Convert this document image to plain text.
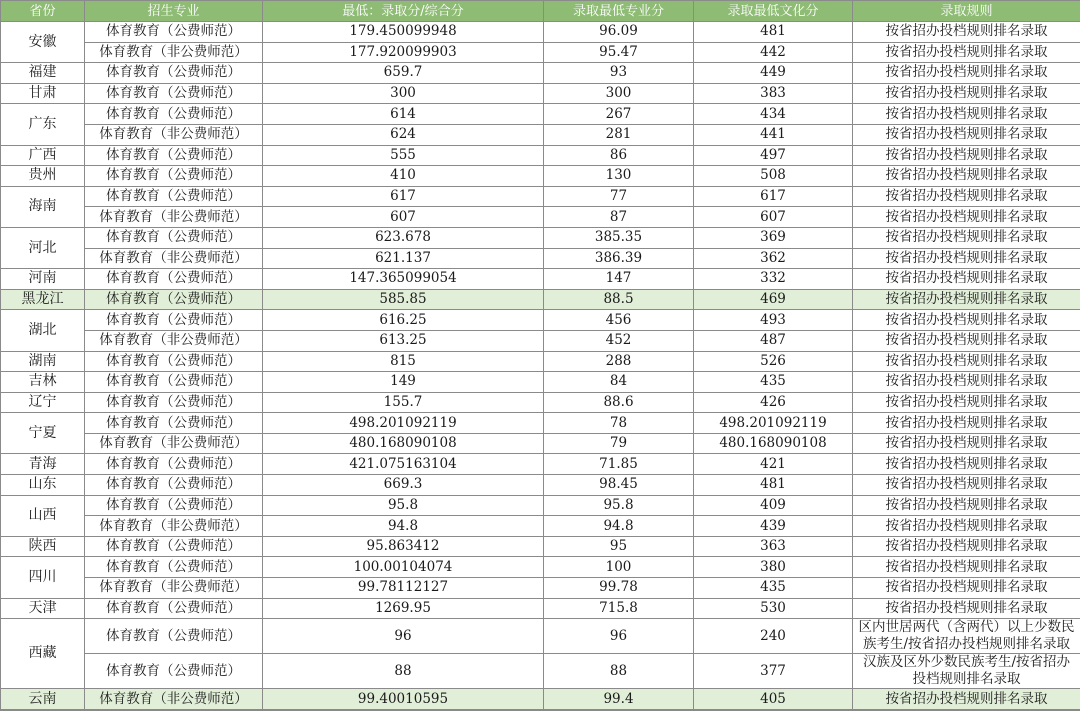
省份	招生专业	最低：录取分/综合分	录取最低专业分	录取最低文化分	录取规则
安徽	体育教育（公费师范）	179.450099948	96.09	481	按省招办投档规则排名录取
	体育教育（非公费师范）	177.920099903	95.47	442	按省招办投档规则排名录取
福建	体育教育（公费师范）	659.7	93	449	按省招办投档规则排名录取
甘肃	体育教育（公费师范）	300	300	383	按省招办投档规则排名录取
广东	体育教育（公费师范）	614	267	434	按省招办投档规则排名录取
	体育教育（非公费师范）	624	281	441	按省招办投档规则排名录取
广西	体育教育（公费师范）	555	86	497	按省招办投档规则排名录取
贵州	体育教育（公费师范）	410	130	508	按省招办投档规则排名录取
海南	体育教育（公费师范）	617	77	617	按省招办投档规则排名录取
	体育教育（非公费师范）	607	87	607	按省招办投档规则排名录取
河北	体育教育（公费师范）	623.678	385.35	369	按省招办投档规则排名录取
	体育教育（非公费师范）	621.137	386.39	362	按省招办投档规则排名录取
河南	体育教育（公费师范）	147.365099054	147	332	按省招办投档规则排名录取
黑龙江	体育教育（公费师范）	585.85	88.5	469	按省招办投档规则排名录取
湖北	体育教育（公费师范）	616.25	456	493	按省招办投档规则排名录取
	体育教育（非公费师范）	613.25	452	487	按省招办投档规则排名录取
湖南	体育教育（公费师范）	815	288	526	按省招办投档规则排名录取
吉林	体育教育（公费师范）	149	84	435	按省招办投档规则排名录取
辽宁	体育教育（公费师范）	155.7	88.6	426	按省招办投档规则排名录取
宁夏	体育教育（公费师范）	498.201092119	78	498.201092119	按省招办投档规则排名录取
	体育教育（非公费师范）	480.168090108	79	480.168090108	按省招办投档规则排名录取
青海	体育教育（公费师范）	421.075163104	71.85	421	按省招办投档规则排名录取
山东	体育教育（公费师范）	669.3	98.45	481	按省招办投档规则排名录取
山西	体育教育（公费师范）	95.8	95.8	409	按省招办投档规则排名录取
	体育教育（非公费师范）	94.8	94.8	439	按省招办投档规则排名录取
陕西	体育教育（公费师范）	95.863412	95	363	按省招办投档规则排名录取
四川	体育教育（公费师范）	100.00104074	100	380	按省招办投档规则排名录取
	体育教育（非公费师范）	99.78112127	99.78	435	按省招办投档规则排名录取
天津	体育教育（公费师范）	1269.95	715.8	530	按省招办投档规则排名录取
西藏	体育教育（公费师范）	96	96	240	区内世居两代（含两代）以上少数民族考生/按省招办投档规则排名录取
	体育教育（公费师范）	88	88	377	汉族及区外少数民族考生/按省招办投档规则排名录取
云南	体育教育（非公费师范）	99.40010595	99.4	405	按省招办投档规则排名录取
